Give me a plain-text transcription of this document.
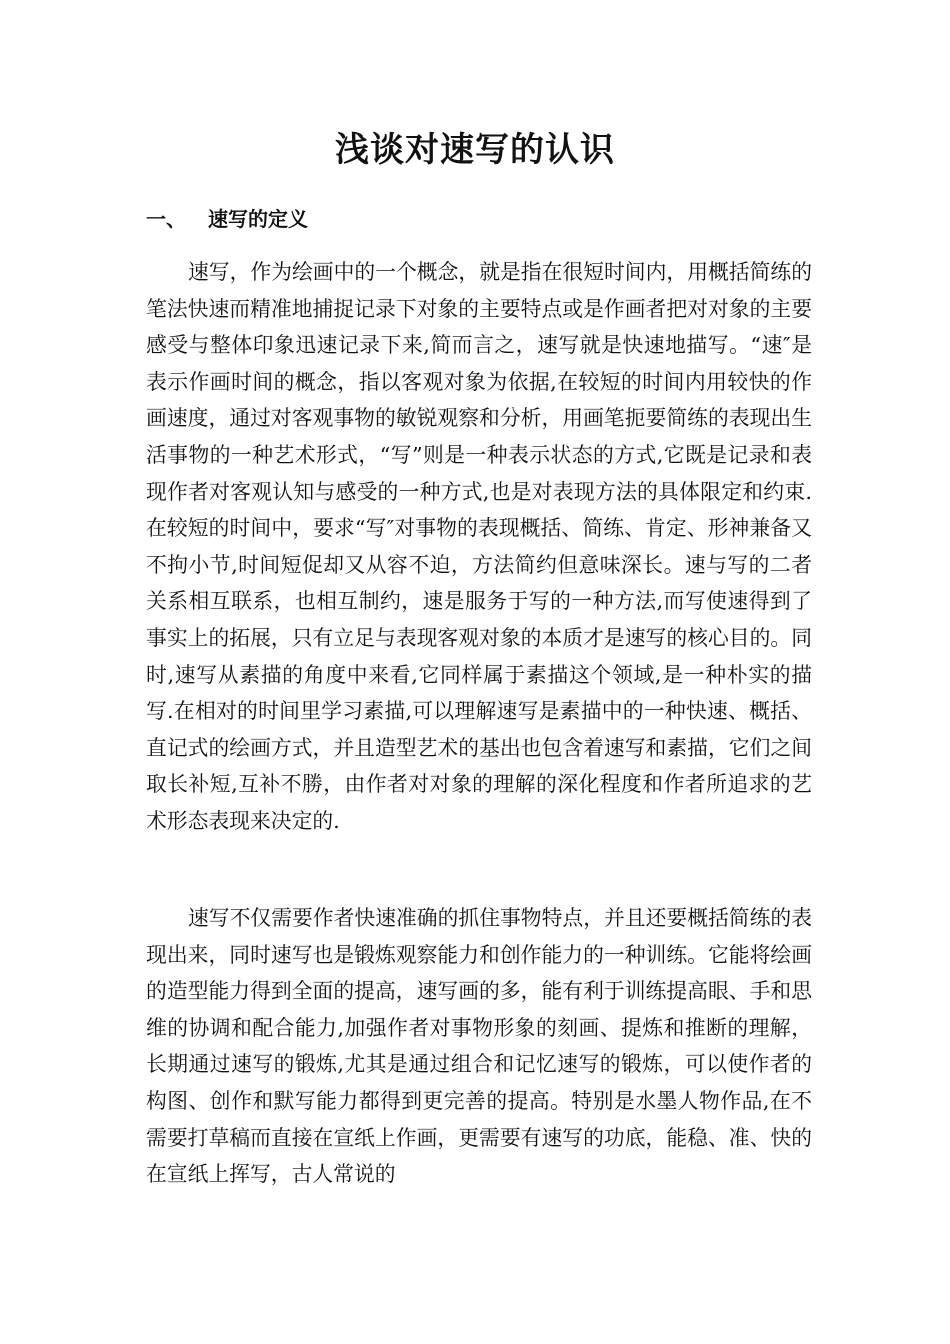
浅谈对速写的认识
一、 速写的定义

速写，作为绘画中的一个概念，就是指在很短时间内，用概括简练的笔法快速而精准地捕捉记录下对象的主要特点或是作画者把对对象的主要感受与整体印象迅速记录下来,简而言之，速写就是快速地描写。“速″是表示作画时间的概念，指以客观对象为依据,在较短的时间内用较快的作画速度，通过对客观事物的敏锐观察和分析，用画笔扼要简练的表现出生活事物的一种艺术形式，“写”则是一种表示状态的方式,它既是记录和表现作者对客观认知与感受的一种方式,也是对表现方法的具体限定和约束.在较短的时间中，要求“写″对事物的表现概括、简练、肯定、形神兼备又不拘小节,时间短促却又从容不迫，方法简约但意味深长。速与写的二者关系相互联系，也相互制约，速是服务于写的一种方法,而写使速得到了事实上的拓展，只有立足与表现客观对象的本质才是速写的核心目的。同时,速写从素描的角度中来看,它同样属于素描这个领域,是一种朴实的描写.在相对的时间里学习素描,可以理解速写是素描中的一种快速、概括、直记式的绘画方式，并且造型艺术的基出也包含着速写和素描，它们之间取长补短,互补不勝，由作者对对象的理解的深化程度和作者所追求的艺术形态表现来决定的.

速写不仅需要作者快速准确的抓住事物特点，并且还要概括简练的表现出来，同时速写也是锻炼观察能力和创作能力的一种训练。它能将绘画的造型能力得到全面的提高，速写画的多，能有利于训练提高眼、手和思维的协调和配合能力,加强作者对事物形象的刻画、提炼和推断的理解，长期通过速写的锻炼,尤其是通过组合和记忆速写的锻炼，可以使作者的构图、创作和默写能力都得到更完善的提高。特别是水墨人物作品,在不需要打草稿而直接在宣纸上作画，更需要有速写的功底，能稳、准、快的在宣纸上挥写，古人常说的
